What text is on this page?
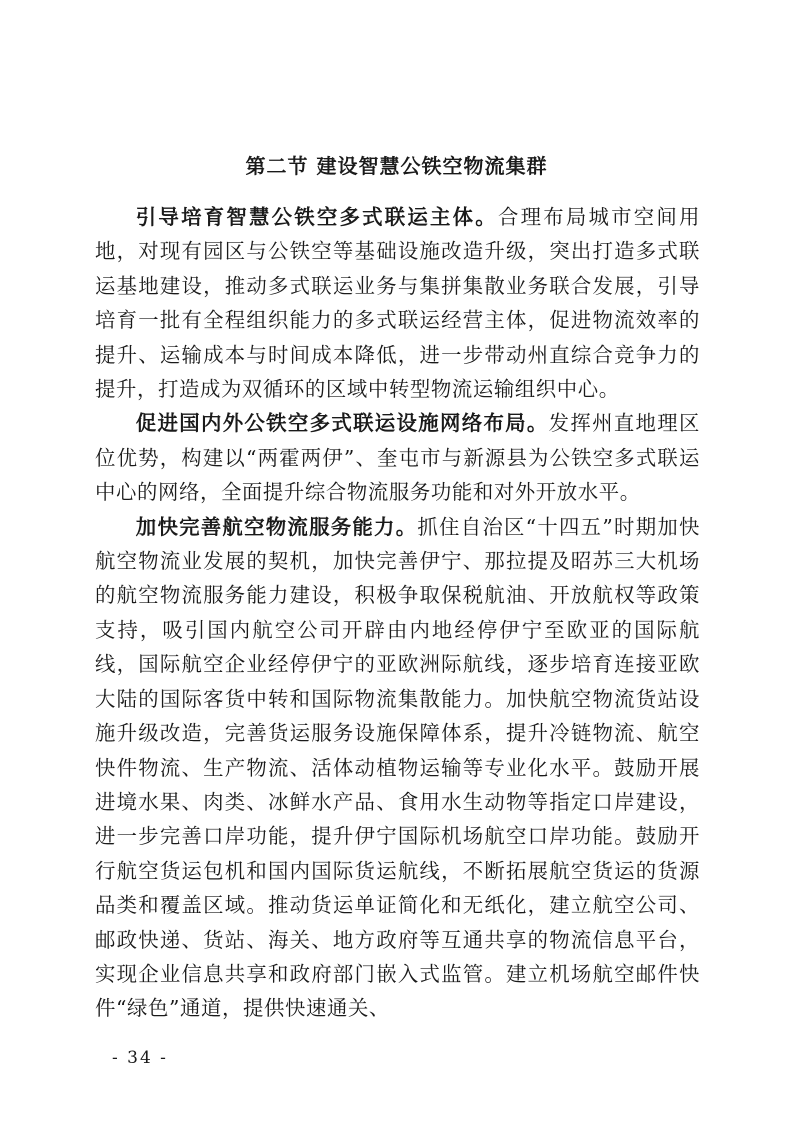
第二节 建设智慧公铁空物流集群

引导培育智慧公铁空多式联运主体。合理布局城市空间用地，对现有园区与公铁空等基础设施改造升级，突出打造多式联运基地建设，推动多式联运业务与集拼集散业务联合发展，引导培育一批有全程组织能力的多式联运经营主体，促进物流效率的提升、运输成本与时间成本降低，进一步带动州直综合竞争力的提升，打造成为双循环的区域中转型物流运输组织中心。

促进国内外公铁空多式联运设施网络布局。发挥州直地理区位优势，构建以“两霍两伊”、奎屯市与新源县为公铁空多式联运中心的网络，全面提升综合物流服务功能和对外开放水平。

加快完善航空物流服务能力。抓住自治区“十四五”时期加快航空物流业发展的契机，加快完善伊宁、那拉提及昭苏三大机场的航空物流服务能力建设，积极争取保税航油、开放航权等政策支持，吸引国内航空公司开辟由内地经停伊宁至欧亚的国际航线，国际航空企业经停伊宁的亚欧洲际航线，逐步培育连接亚欧大陆的国际客货中转和国际物流集散能力。加快航空物流货站设施升级改造，完善货运服务设施保障体系，提升冷链物流、航空快件物流、生产物流、活体动植物运输等专业化水平。鼓励开展进境水果、肉类、冰鲜水产品、食用水生动物等指定口岸建设，进一步完善口岸功能，提升伊宁国际机场航空口岸功能。鼓励开行航空货运包机和国内国际货运航线，不断拓展航空货运的货源品类和覆盖区域。推动货运单证简化和无纸化，建立航空公司、邮政快递、货站、海关、地方政府等互通共享的物流信息平台，实现企业信息共享和政府部门嵌入式监管。建立机场航空邮件快件“绿色”通道，提供快速通关、

- 34 -
